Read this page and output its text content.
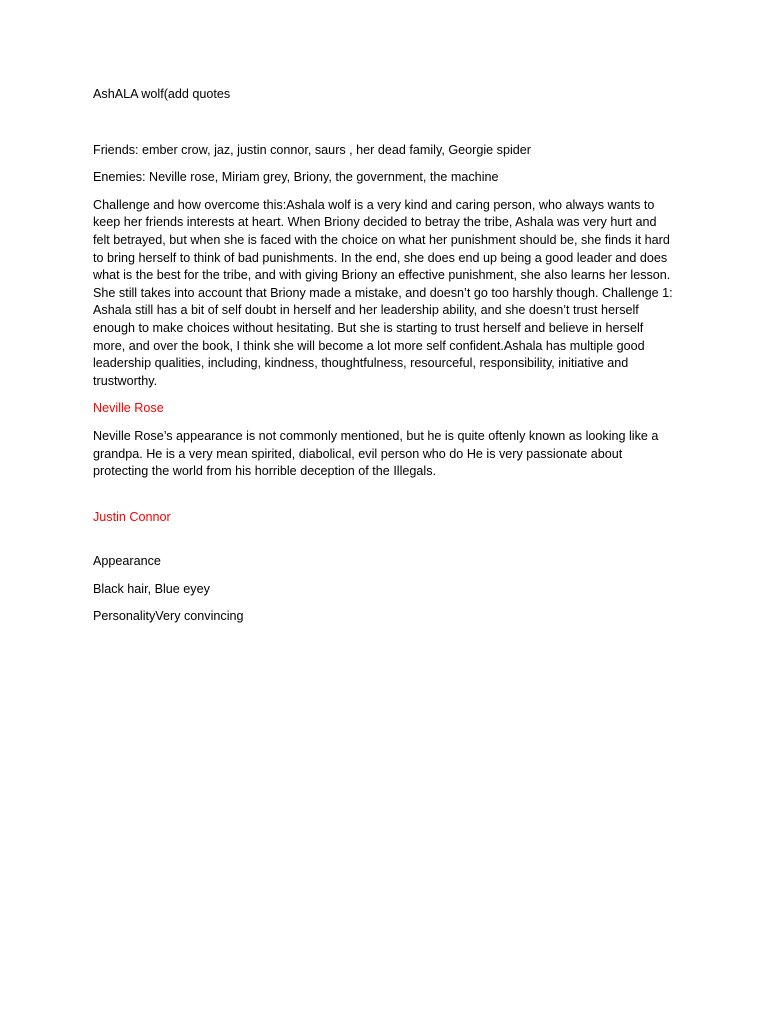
AshALA wolf(add quotes

Friends: ember crow, jaz, justin connor, saurs , her dead family, Georgie spider

Enemies: Neville rose, Miriam grey, Briony, the government, the machine

Challenge and how overcome this:Ashala wolf is a very kind and caring person, who always wants to keep her friends interests at heart. When Briony decided to betray the tribe, Ashala was very hurt and felt betrayed, but when she is faced with the choice on what her punishment should be, she finds it hard to bring herself to think of bad punishments. In the end, she does end up being a good leader and does what is the best for the tribe, and with giving Briony an effective punishment, she also learns her lesson. She still takes into account that Briony made a mistake, and doesn’t go too harshly though. Challenge 1: Ashala still has a bit of self doubt in herself and her leadership ability, and she doesn’t trust herself enough to make choices without hesitating. But she is starting to trust herself and believe in herself more, and over the book, I think she will become a lot more self confident.Ashala has multiple good leadership qualities, including, kindness, thoughtfulness, resourceful, responsibility, initiative and trustworthy.

Neville Rose

Neville Rose’s appearance is not commonly mentioned, but he is quite oftenly known as looking like a grandpa. He is a very mean spirited, diabolical, evil person who do He is very passionate about protecting the world from his horrible deception of the Illegals.

Justin Connor

Appearance

Black hair, Blue eyey

PersonalityVery convincing
